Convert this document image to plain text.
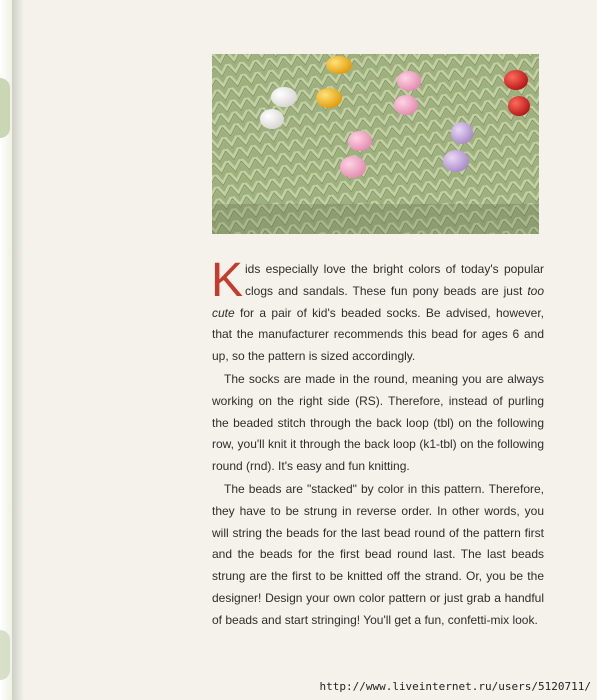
Kids especially love the bright colors of today's popular clogs and sandals. These fun pony beads are just too cute for a pair of kid's beaded socks. Be advised, however, that the manufacturer recommends this bead for ages 6 and up, so the pattern is sized accordingly.

The socks are made in the round, meaning you are always working on the right side (RS). Therefore, instead of purling the beaded stitch through the back loop (tbl) on the following row, you'll knit it through the back loop (k1-tbl) on the following round (rnd). It's easy and fun knitting.

The beads are "stacked" by color in this pattern. Therefore, they have to be strung in reverse order. In other words, you will string the beads for the last bead round of the pattern first and the beads for the first bead round last. The last beads strung are the first to be knitted off the strand. Or, you be the designer! Design your own color pattern or just grab a handful of beads and start stringing! You'll get a fun, confetti-mix look.

http://www.liveinternet.ru/users/5120711/
